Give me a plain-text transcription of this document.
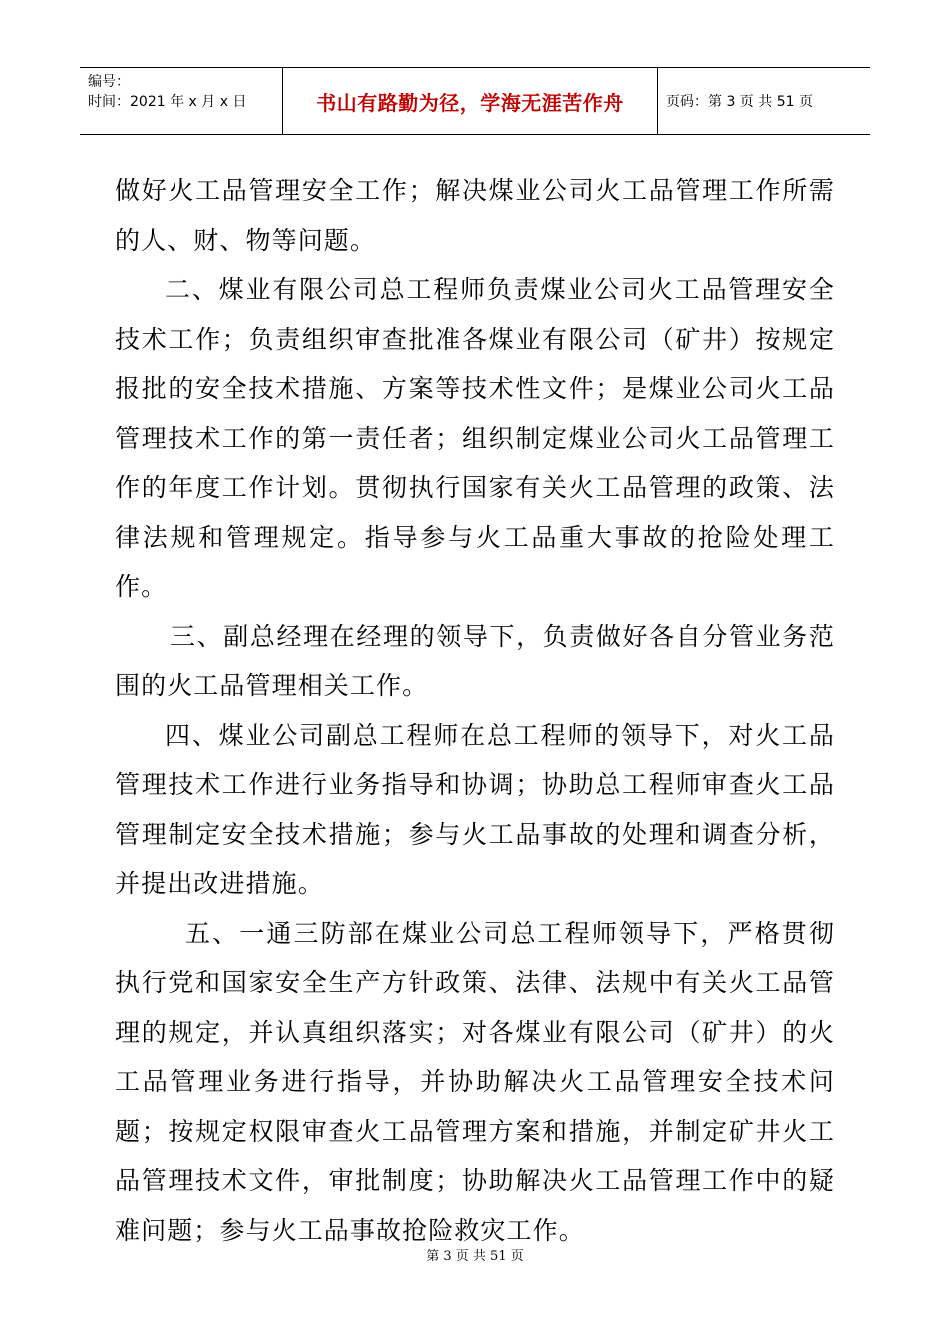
编号：
时间：2021 年 x 月 x 日	书山有路勤为径，学海无涯苦作舟	页码：第 3 页 共 51 页

做好火工品管理安全工作；解决煤业公司火工品管理工作所需的人、财、物等问题。

二、煤业有限公司总工程师负责煤业公司火工品管理安全技术工作；负责组织审查批准各煤业有限公司（矿井）按规定报批的安全技术措施、方案等技术性文件；是煤业公司火工品管理技术工作的第一责任者；组织制定煤业公司火工品管理工作的年度工作计划。贯彻执行国家有关火工品管理的政策、法律法规和管理规定。指导参与火工品重大事故的抢险处理工作。

三、副总经理在经理的领导下，负责做好各自分管业务范围的火工品管理相关工作。

四、煤业公司副总工程师在总工程师的领导下，对火工品管理技术工作进行业务指导和协调；协助总工程师审查火工品管理制定安全技术措施；参与火工品事故的处理和调查分析，并提出改进措施。

五、一通三防部在煤业公司总工程师领导下，严格贯彻执行党和国家安全生产方针政策、法律、法规中有关火工品管理的规定，并认真组织落实；对各煤业有限公司（矿井）的火工品管理业务进行指导，并协助解决火工品管理安全技术问题；按规定权限审查火工品管理方案和措施，并制定矿井火工品管理技术文件，审批制度；协助解决火工品管理工作中的疑难问题；参与火工品事故抢险救灾工作。

第 3 页 共 51 页
